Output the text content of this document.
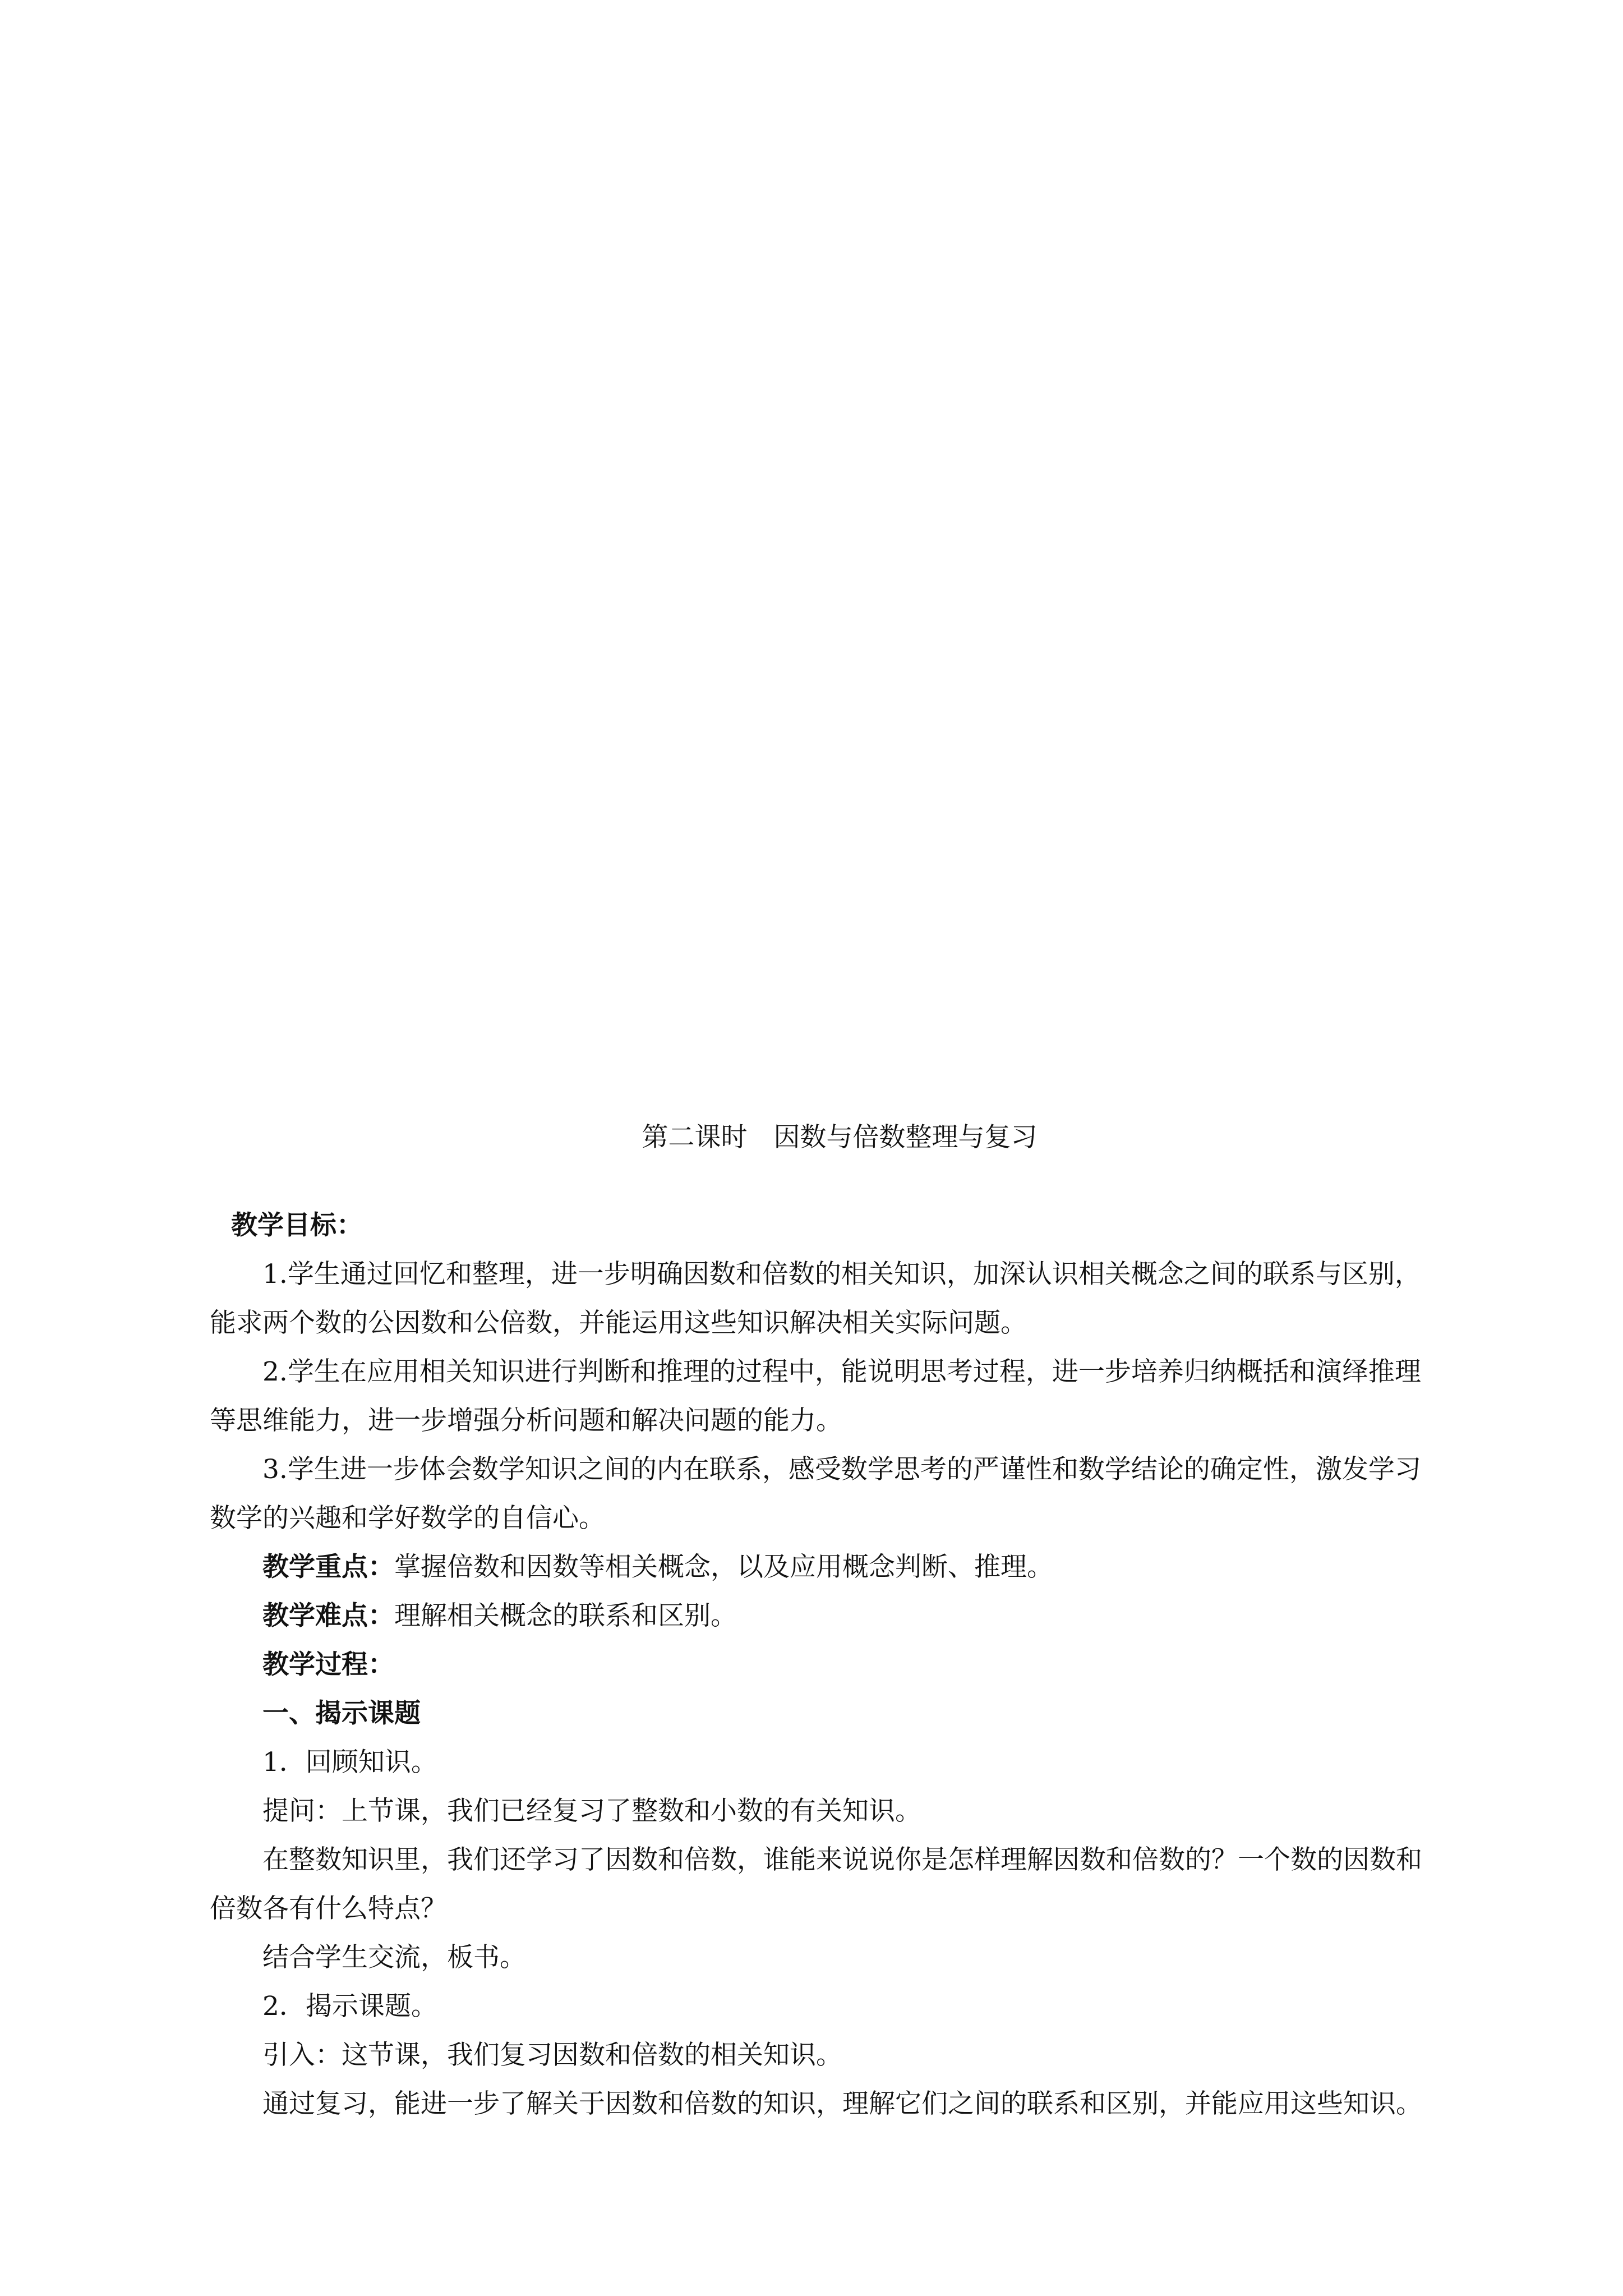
第二课时　因数与倍数整理与复习
教学目标：
1.学生通过回忆和整理，进一步明确因数和倍数的相关知识，加深认识相关概念之间的联系与区别，
能求两个数的公因数和公倍数，并能运用这些知识解决相关实际问题。
2.学生在应用相关知识进行判断和推理的过程中，能说明思考过程，进一步培养归纳概括和演绎推理
等思维能力，进一步增强分析问题和解决问题的能力。
3.学生进一步体会数学知识之间的内在联系，感受数学思考的严谨性和数学结论的确定性，激发学习
数学的兴趣和学好数学的自信心。
教学重点：掌握倍数和因数等相关概念，以及应用概念判断、推理。
教学难点：理解相关概念的联系和区别。
教学过程：
一、揭示课题
1．回顾知识。
提问：上节课，我们已经复习了整数和小数的有关知识。
在整数知识里，我们还学习了因数和倍数，谁能来说说你是怎样理解因数和倍数的？一个数的因数和
倍数各有什么特点？
结合学生交流，板书。
2．揭示课题。
引入：这节课，我们复习因数和倍数的相关知识。
通过复习，能进一步了解关于因数和倍数的知识，理解它们之间的联系和区别，并能应用这些知识。
